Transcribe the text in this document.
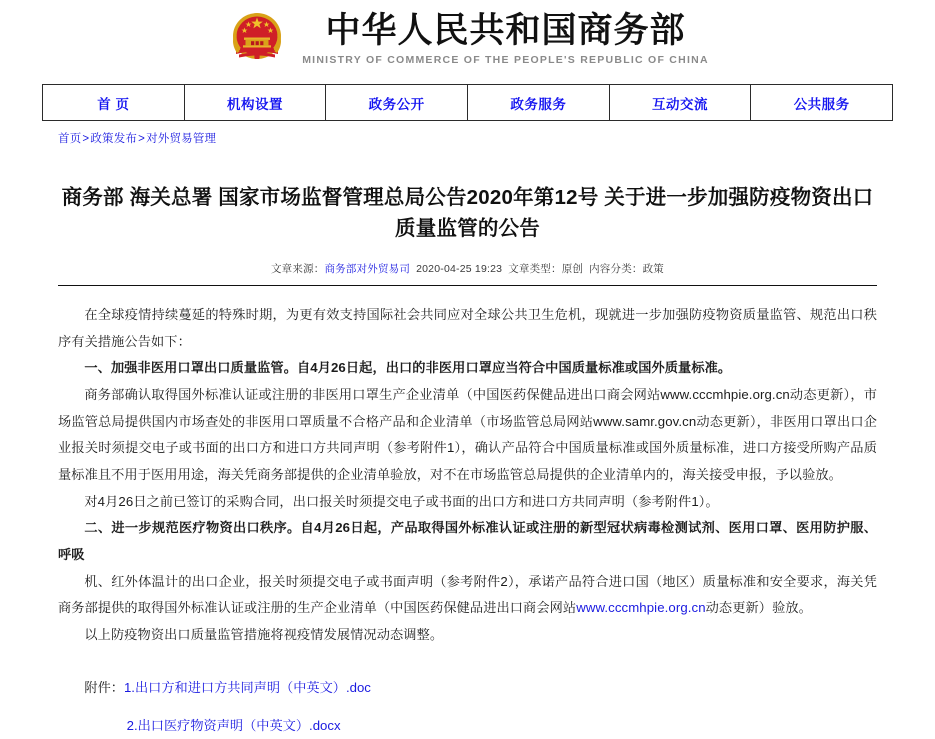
中华人民共和国商务部
MINISTRY OF COMMERCE OF THE PEOPLE'S REPUBLIC OF CHINA
首 页	机构设置	政务公开	政务服务	互动交流	公共服务
首页>政策发布>对外贸易管理
商务部 海关总署 国家市场监督管理总局公告2020年第12号 关于进一步加强防疫物资出口质量监管的公告
文章来源：商务部对外贸易司 2020-04-25 19:23 文章类型：原创 内容分类：政策

在全球疫情持续蔓延的特殊时期，为更有效支持国际社会共同应对全球公共卫生危机，现就进一步加强防疫物资质量监管、规范出口秩序有关措施公告如下：

一、加强非医用口罩出口质量监管。自4月26日起，出口的非医用口罩应当符合中国质量标准或国外质量标准。

商务部确认取得国外标准认证或注册的非医用口罩生产企业清单（中国医药保健品进出口商会网站www.cccmhpie.org.cn动态更新），市场监管总局提供国内市场查处的非医用口罩质量不合格产品和企业清单（市场监管总局网站www.samr.gov.cn动态更新），非医用口罩出口企业报关时须提交电子或书面的出口方和进口方共同声明（参考附件1），确认产品符合中国质量标准或国外质量标准，进口方接受所购产品质量标准且不用于医用用途，海关凭商务部提供的企业清单验放，对不在市场监管总局提供的企业清单内的，海关接受申报，予以验放。

对4月26日之前已签订的采购合同，出口报关时须提交电子或书面的出口方和进口方共同声明（参考附件1）。

二、进一步规范医疗物资出口秩序。自4月26日起，产品取得国外标准认证或注册的新型冠状病毒检测试剂、医用口罩、医用防护服、呼吸

机、红外体温计的出口企业，报关时须提交电子或书面声明（参考附件2），承诺产品符合进口国（地区）质量标准和安全要求，海关凭商务部提供的取得国外标准认证或注册的生产企业清单（中国医药保健品进出口商会网站www.cccmhpie.org.cn动态更新）验放。

以上防疫物资出口质量监管措施将视疫情发展情况动态调整。

附件：1.出口方和进口方共同声明（中英文）.doc
2.出口医疗物资声明（中英文）.docx
